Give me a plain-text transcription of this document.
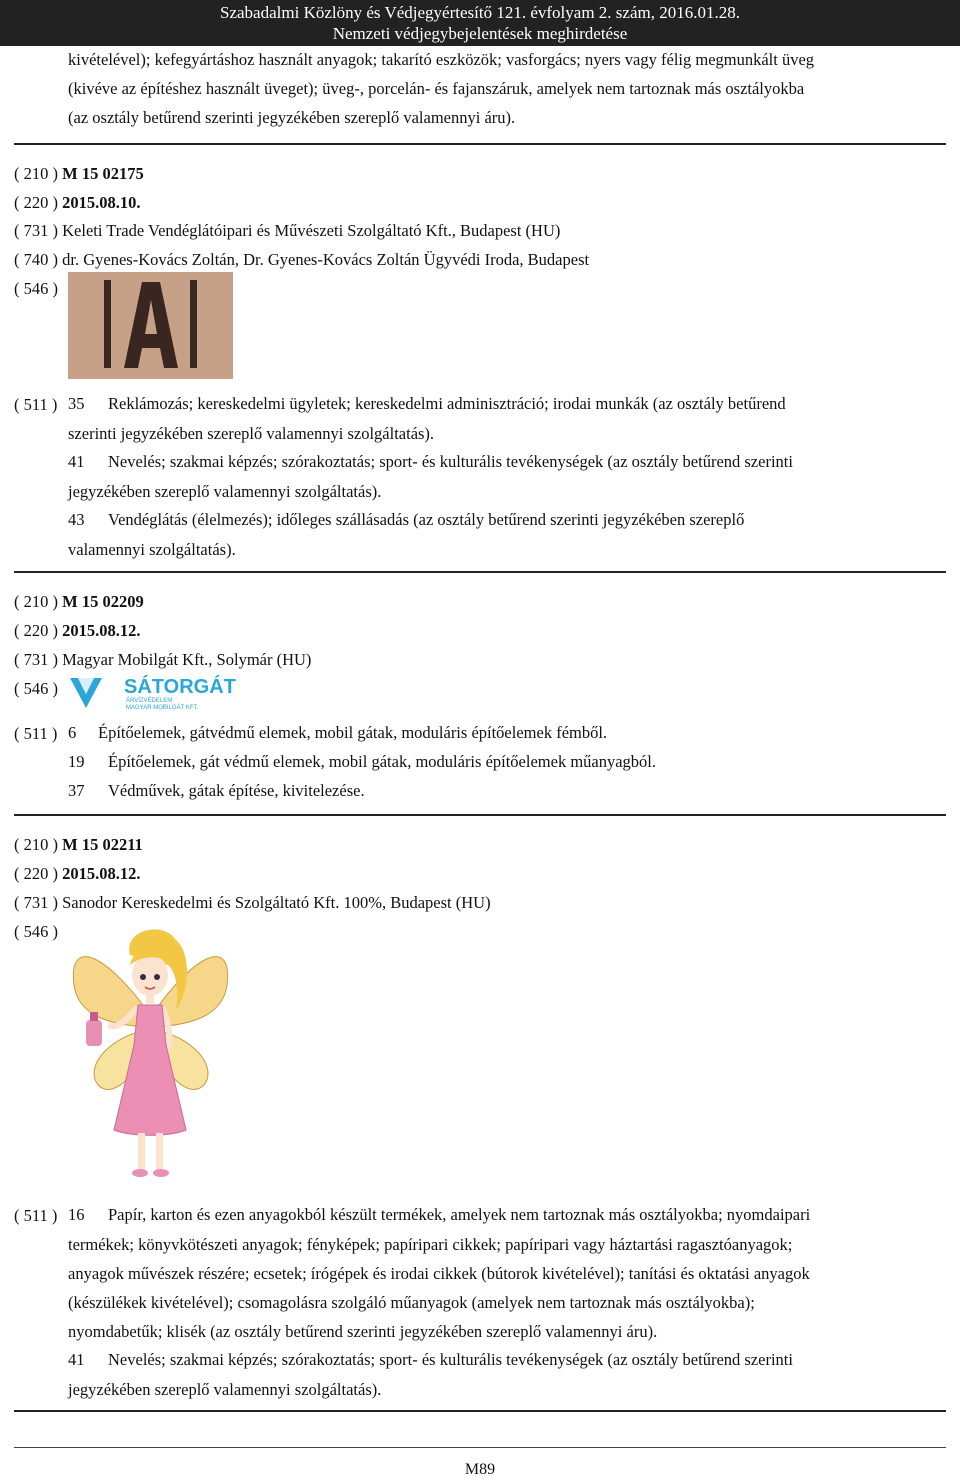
Szabadalmi Közlöny és Védjegyértesítő 121. évfolyam 2. szám, 2016.01.28.
Nemzeti védjegybejelentések meghirdetése
kivételével); kefegyártáshoz használt anyagok; takarító eszközök; vasforgács; nyers vagy félig megmunkált üveg
(kivéve az építéshez használt üveget); üveg-, porcelán- és fajanszáruk, amelyek nem tartoznak más osztályokba
(az osztály betűrend szerinti jegyzékében szereplő valamennyi áru).
( 210 ) M 15 02175
( 220 ) 2015.08.10.
( 731 ) Keleti Trade Vendéglátóipari és Művészeti Szolgáltató Kft., Budapest (HU)
( 740 ) dr. Gyenes-Kovács Zoltán, Dr. Gyenes-Kovács Zoltán Ügyvédi Iroda, Budapest
( 546 )
( 511 ) 35 Reklámozás; kereskedelmi ügyletek; kereskedelmi adminisztráció; irodai munkák (az osztály betűrend
szerinti jegyzékében szereplő valamennyi szolgáltatás).
41 Nevelés; szakmai képzés; szórakoztatás; sport- és kulturális tevékenységek (az osztály betűrend szerinti
jegyzékében szereplő valamennyi szolgáltatás).
43 Vendéglátás (élelmezés); időleges szállásadás (az osztály betűrend szerinti jegyzékében szereplő
valamennyi szolgáltatás).
( 210 ) M 15 02209
( 220 ) 2015.08.12.
( 731 ) Magyar Mobilgát Kft., Solymár (HU)
( 546 )	SÁTORGÁT
ÁRVÍZVÉDELEM
MAGYAR MOBILGÁT KFT.
( 511 ) 6 Építőelemek, gátvédmű elemek, mobil gátak, moduláris építőelemek fémből.
19 Építőelemek, gát védmű elemek, mobil gátak, moduláris építőelemek műanyagból.
37 Védművek, gátak építése, kivitelezése.
( 210 ) M 15 02211
( 220 ) 2015.08.12.
( 731 ) Sanodor Kereskedelmi és Szolgáltató Kft. 100%, Budapest (HU)
( 546 )
( 511 ) 16 Papír, karton és ezen anyagokból készült termékek, amelyek nem tartoznak más osztályokba; nyomdaipari
termékek; könyvkötészeti anyagok; fényképek; papíripari cikkek; papíripari vagy háztartási ragasztóanyagok;
anyagok művészek részére; ecsetek; írógépek és irodai cikkek (bútorok kivételével); tanítási és oktatási anyagok
(készülékek kivételével); csomagolásra szolgáló műanyagok (amelyek nem tartoznak más osztályokba);
nyomdabetűk; klisék (az osztály betűrend szerinti jegyzékében szereplő valamennyi áru).
41 Nevelés; szakmai képzés; szórakoztatás; sport- és kulturális tevékenységek (az osztály betűrend szerinti
jegyzékében szereplő valamennyi szolgáltatás).
M89
